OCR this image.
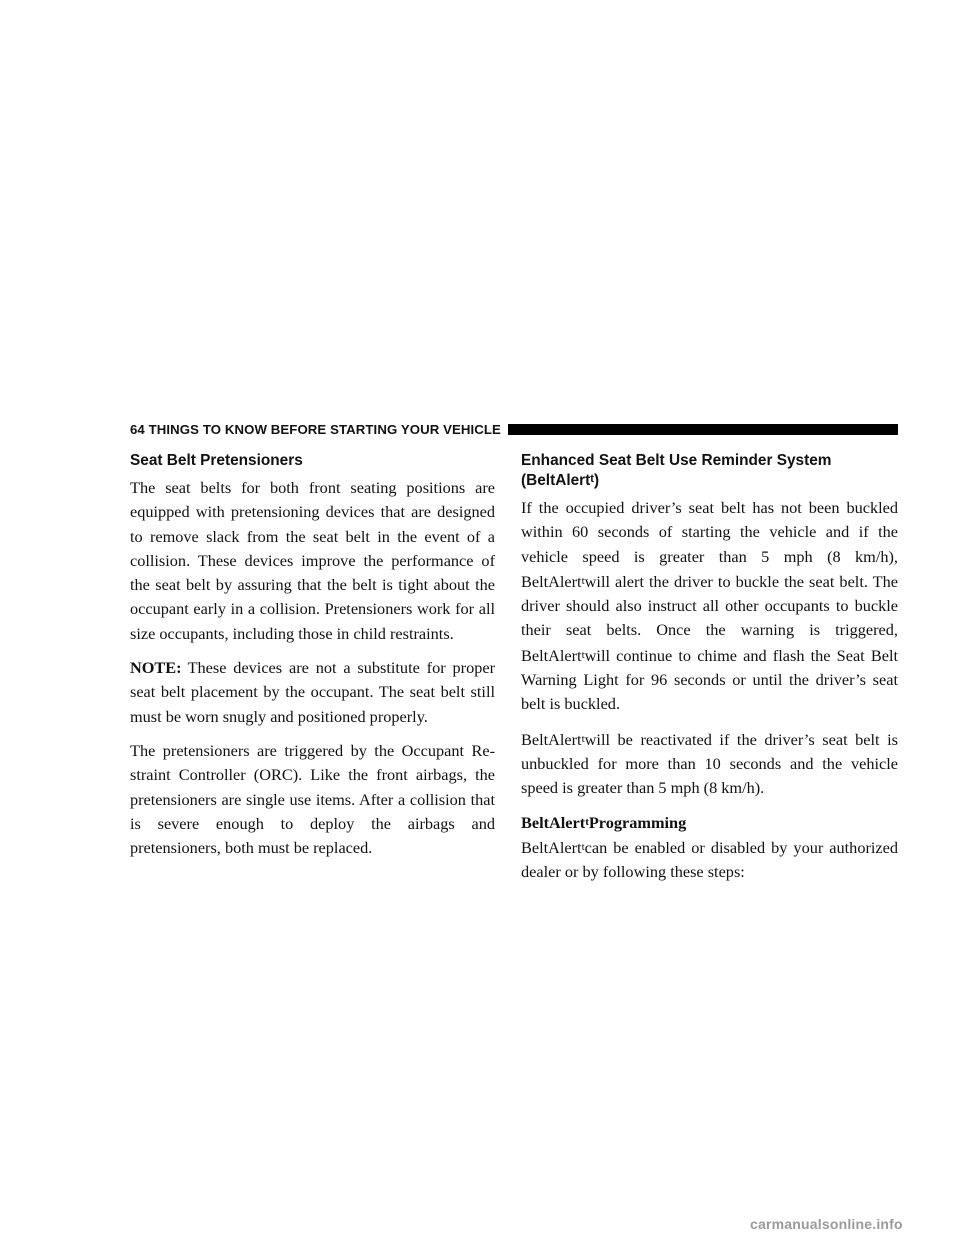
64 THINGS TO KNOW BEFORE STARTING YOUR VEHICLE
Seat Belt Pretensioners

The seat belts for both front seating positions are equipped with pretensioning devices that are designed to remove slack from the seat belt in the event of a collision. These devices improve the performance of the seat belt by assuring that the belt is tight about the occupant early in a collision. Pretensioners work for all size occupants, including those in child restraints.

NOTE: These devices are not a substitute for proper seat belt placement by the occupant. The seat belt still must be worn snugly and positioned properly.

The pretensioners are triggered by the Occupant Re-straint Controller (ORC). Like the front airbags, the pretensioners are single use items. After a collision that is severe enough to deploy the airbags and pretensioners, both must be replaced.

Enhanced Seat Belt Use Reminder System
(BeltAlertt)

If the occupied driver’s seat belt has not been buckled within 60 seconds of starting the vehicle and if the vehicle speed is greater than 5 mph (8 km/h), BeltAlerttwill alert the driver to buckle the seat belt. The driver should also instruct all other occupants to buckle their seat belts. Once the warning is triggered, BeltAlerttwill continue to chime and flash the Seat Belt Warning Light for 96 seconds or until the driver’s seat belt is buckled.

BeltAlerttwill be reactivated if the driver’s seat belt is unbuckled for more than 10 seconds and the vehicle speed is greater than 5 mph (8 km/h).

BeltAlerttProgramming

BeltAlerttcan be enabled or disabled by your authorized dealer or by following these steps:

carmanualsonline.info
